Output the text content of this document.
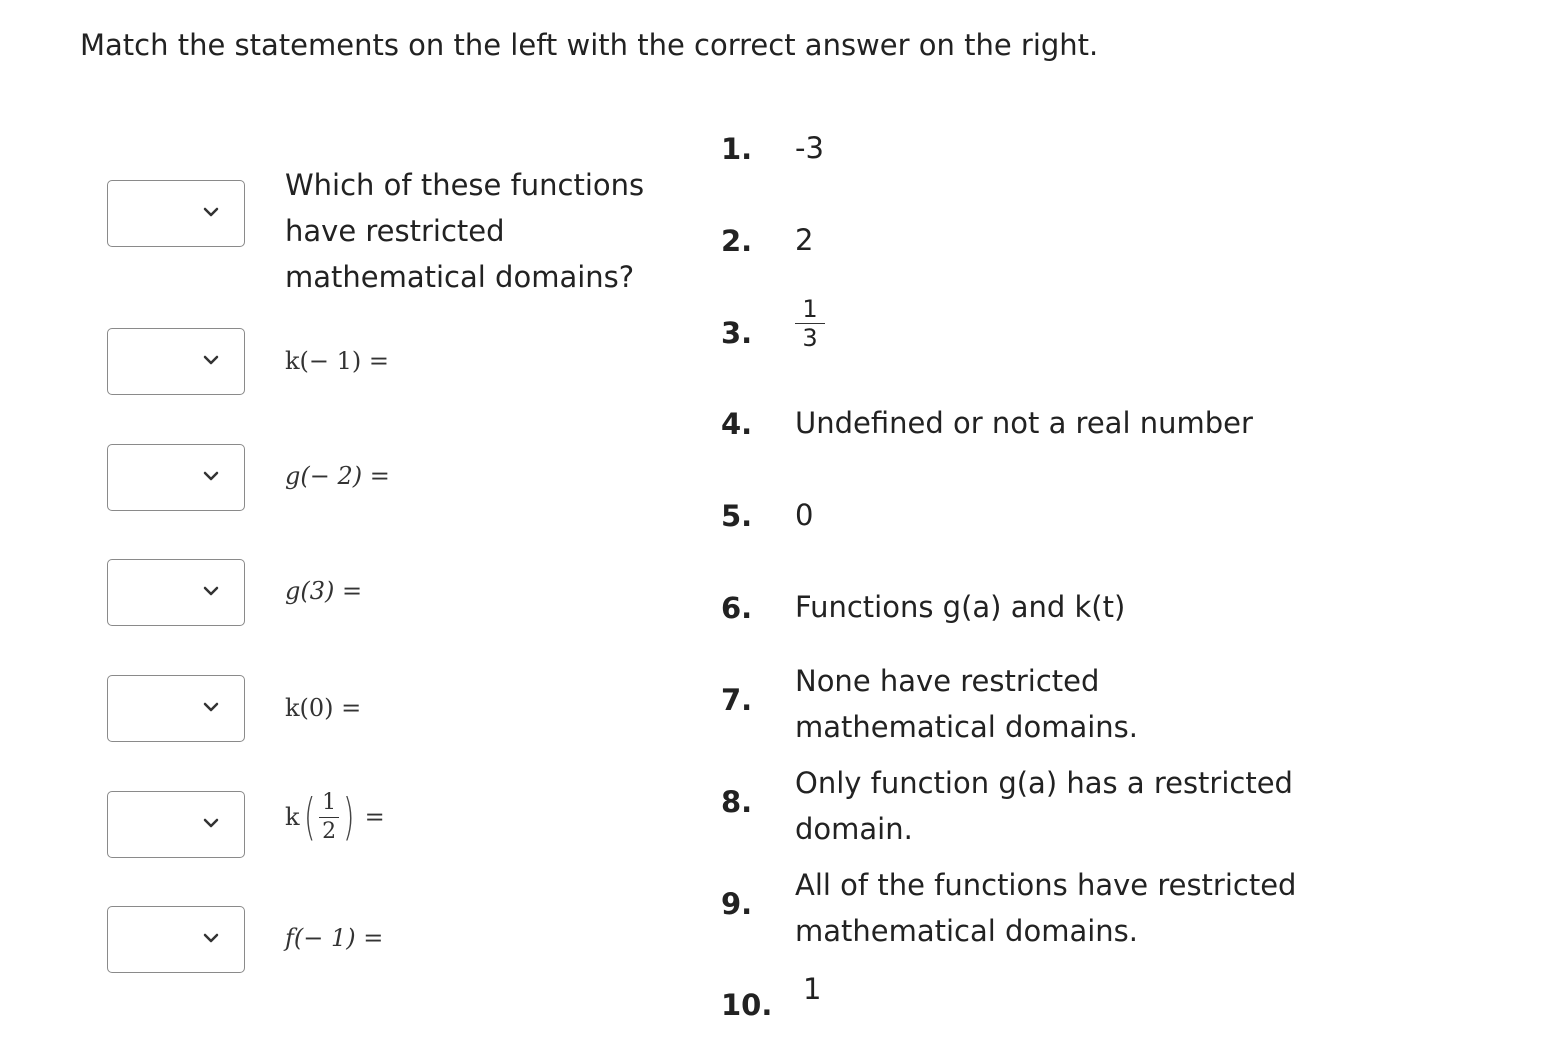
Match the statements on the left with the correct answer on the right.
Which of these functions have restricted mathematical domains?
k(− 1) =
g(− 2) =
g(3) =
k(0) =
k ( $\frac{1}{2}$ ) =
f(− 1) =
1. -3
2. 2
3. $\frac{1}{3}$
4. Undefined or not a real number
5. 0
6. Functions g(a) and k(t)
7.
None have restricted
mathematical domains.
8.
Only function g(a) has a restricted
domain.
9.
All of the functions have restricted
mathematical domains.
10. 1
